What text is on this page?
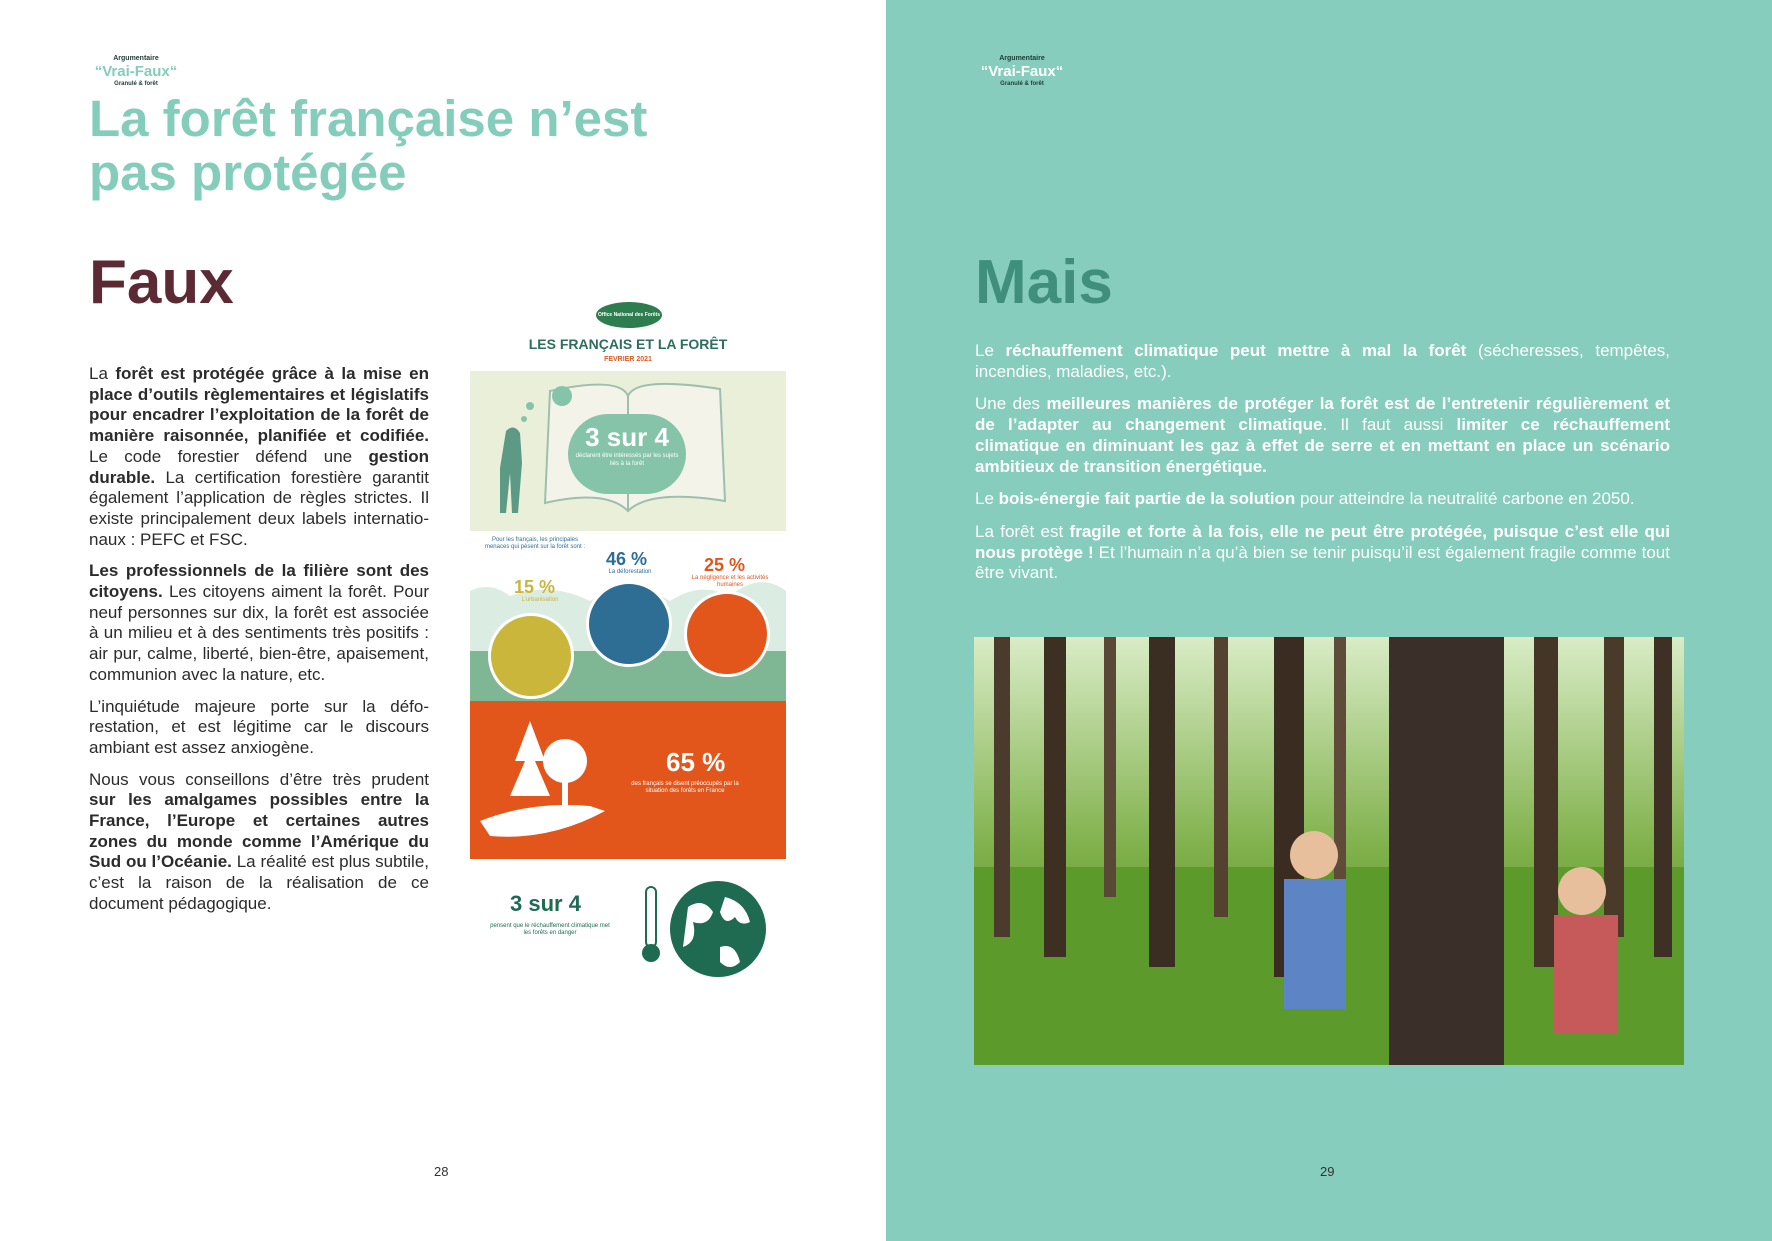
Argumentaire
“Vrai-Faux“
Granulé & forêt
La forêt française n’est
pas protégée
Faux

La forêt est protégée grâce à la mise en place d’outils règlementaires et législatifs pour encadrer l’exploitation de la forêt de manière raisonnée, planifiée et codifiée. Le code forestier défend une gestion durable. La certification forestière garantit également l’application de règles strictes. Il existe principalement deux labels internationaux : PEFC et FSC.

Les professionnels de la filière sont des citoyens. Les citoyens aiment la forêt. Pour neuf personnes sur dix, la forêt est associée à un milieu et à des sentiments très positifs : air pur, calme, liberté, bien-être, apaisement, communion avec la nature, etc.

L’inquiétude majeure porte sur la déforestation, et est légitime car le discours ambiant est assez anxiogène.

Nous vous conseillons d’être très prudent sur les amalgames possibles entre la France, l’Europe et certaines autres zones du monde comme l’Amérique du Sud ou l’Océanie. La réalité est plus subtile, c’est la raison de la réalisation de ce document pédagogique.

Office National des Forêts
LES FRANÇAIS ET LA FORÊT
FEVRIER 2021
3 sur 4
déclarent être intéressés par les sujets liés à la forêt
Pour les français, les principales menaces qui pèsent sur la forêt sont :
15 %
L’urbanisation
46 %
La déforestation	25 %
La négligence et les activités humaines
65 %
des français se disent préoccupés par la situation des forêts en France
3 sur 4
pensent que le réchauffement climatique met les forêts en danger
28
Argumentaire
“Vrai-Faux“
Granulé & forêt
Mais

Le réchauffement climatique peut mettre à mal la forêt (sécheresses, tempêtes, incendies, maladies, etc.).

Une des meilleures manières de protéger la forêt est de l’entretenir régulièrement et de l’adapter au changement climatique. Il faut aussi limiter ce réchauffement climatique en diminuant les gaz à effet de serre et en mettant en place un scénario ambitieux de transition énergétique.

Le bois-énergie fait partie de la solution pour atteindre la neutralité carbone en 2050.

La forêt est fragile et forte à la fois, elle ne peut être protégée, puisque c’est elle qui nous protège ! Et l’humain n’a qu’à bien se tenir puisqu’il est également fragile comme tout être vivant.

29
